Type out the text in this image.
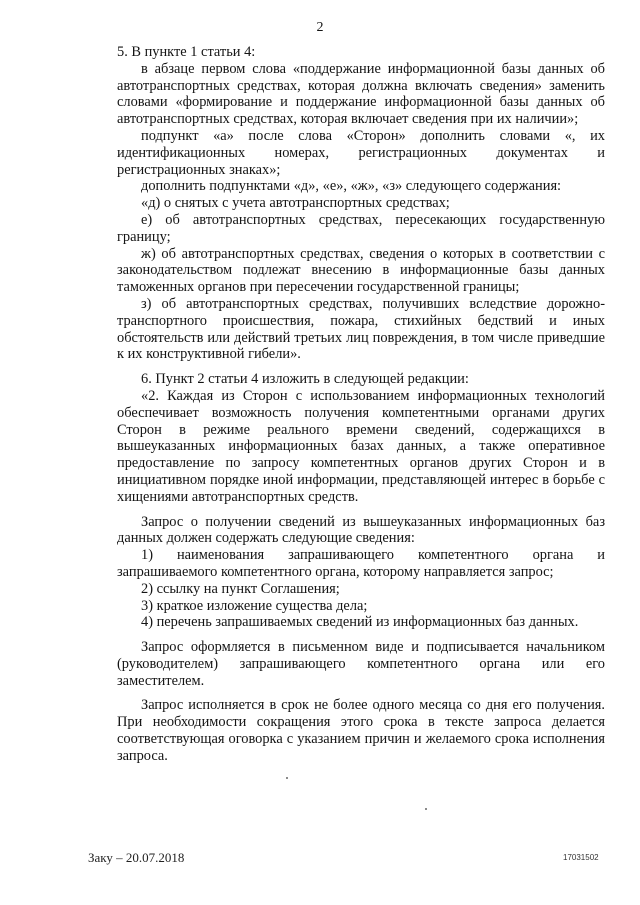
2

5. В пункте 1 статьи 4:

в абзаце первом слова «поддержание информационной базы данных об автотранспортных средствах, которая должна включать сведения» заменить словами «формирование и поддержание информационной базы данных об автотранспортных средствах, которая включает сведения при их наличии»;

подпункт «а» после слова «Сторон» дополнить словами «, их идентификационных номерах, регистрационных документах и регистрационных знаках»;

дополнить подпунктами «д», «е», «ж», «з» следующего содержания:

«д) о снятых с учета автотранспортных средствах;

е) об автотранспортных средствах, пересекающих государственную границу;

ж) об автотранспортных средствах, сведения о которых в соответствии с законодательством подлежат внесению в информационные базы данных таможенных органов при пересечении государственной границы;

з) об автотранспортных средствах, получивших вследствие дорожно-транспортного происшествия, пожара, стихийных бедствий и иных обстоятельств или действий третьих лиц повреждения, в том числе приведшие к их конструктивной гибели».

6. Пункт 2 статьи 4 изложить в следующей редакции:

«2. Каждая из Сторон с использованием информационных технологий обеспечивает возможность получения компетентными органами других Сторон в режиме реального времени сведений, содержащихся в вышеуказанных информационных базах данных, а также оперативное предоставление по запросу компетентных органов других Сторон и в инициативном порядке иной информации, представляющей интерес в борьбе с хищениями автотранспортных средств.

Запрос о получении сведений из вышеуказанных информационных баз данных должен содержать следующие сведения:

1) наименования запрашивающего компетентного органа и запрашиваемого компетентного органа, которому направляется запрос;

2) ссылку на пункт Соглашения;

3) краткое изложение существа дела;

4) перечень запрашиваемых сведений из информационных баз данных.

Запрос оформляется в письменном виде и подписывается начальником (руководителем) запрашивающего компетентного органа или его заместителем.

Запрос исполняется в срок не более одного месяца со дня его получения. При необходимости сокращения этого срока в тексте запроса делается соответствующая оговорка с указанием причин и желаемого срока исполнения запроса.

Заку – 20.07.2018	17031502
